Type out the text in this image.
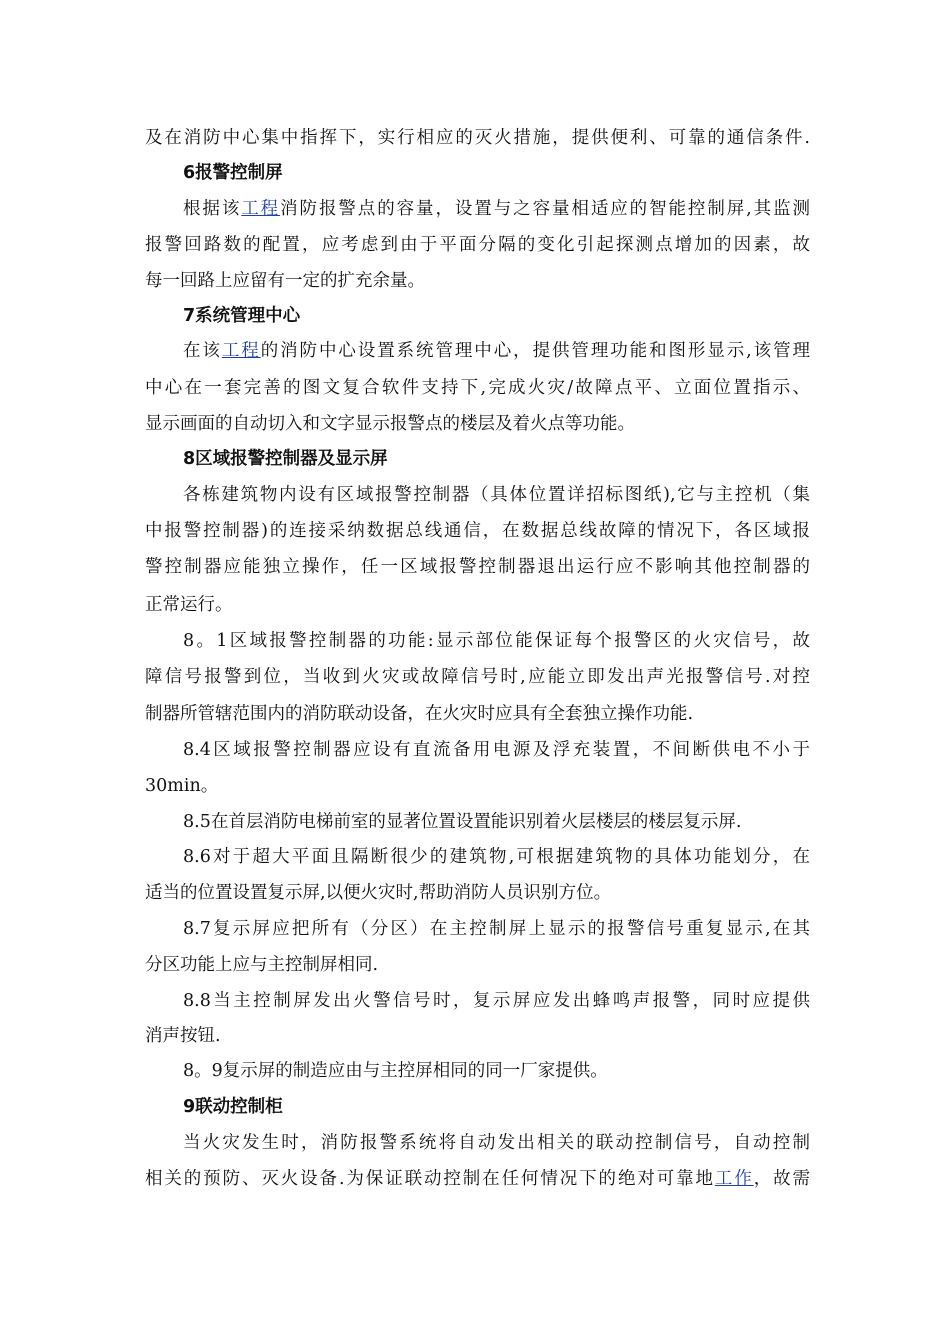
及在消防中心集中指挥下，实行相应的灭火措施，提供便利、可靠的通信条件.
6报警控制屏
根据该工程消防报警点的容量，设置与之容量相适应的智能控制屏,其监测
报警回路数的配置，应考虑到由于平面分隔的变化引起探测点增加的因素，故
每一回路上应留有一定的扩充余量。
7系统管理中心
在该工程的消防中心设置系统管理中心，提供管理功能和图形显示,该管理
中心在一套完善的图文复合软件支持下,完成火灾/故障点平、立面位置指示、
显示画面的自动切入和文字显示报警点的楼层及着火点等功能。
8区域报警控制器及显示屏
各栋建筑物内设有区域报警控制器（具体位置详招标图纸),它与主控机（集
中报警控制器)的连接采纳数据总线通信，在数据总线故障的情况下，各区域报
警控制器应能独立操作，任一区域报警控制器退出运行应不影响其他控制器的
正常运行。
8。1区域报警控制器的功能:显示部位能保证每个报警区的火灾信号，故
障信号报警到位，当收到火灾或故障信号时,应能立即发出声光报警信号.对控
制器所管辖范围内的消防联动设备，在火灾时应具有全套独立操作功能.
8.4区域报警控制器应设有直流备用电源及浮充装置，不间断供电不小于
30min。
8.5在首层消防电梯前室的显著位置设置能识别着火层楼层的楼层复示屏.
8.6对于超大平面且隔断很少的建筑物,可根据建筑物的具体功能划分，在
适当的位置设置复示屏,以便火灾时,帮助消防人员识别方位。
8.7复示屏应把所有（分区）在主控制屏上显示的报警信号重复显示,在其
分区功能上应与主控制屏相同.
8.8当主控制屏发出火警信号时，复示屏应发出蜂鸣声报警，同时应提供
消声按钮.
8。9复示屏的制造应由与主控屏相同的同一厂家提供。
9联动控制柜
当火灾发生时，消防报警系统将自动发出相关的联动控制信号，自动控制
相关的预防、灭火设备.为保证联动控制在任何情况下的绝对可靠地工作，故需
